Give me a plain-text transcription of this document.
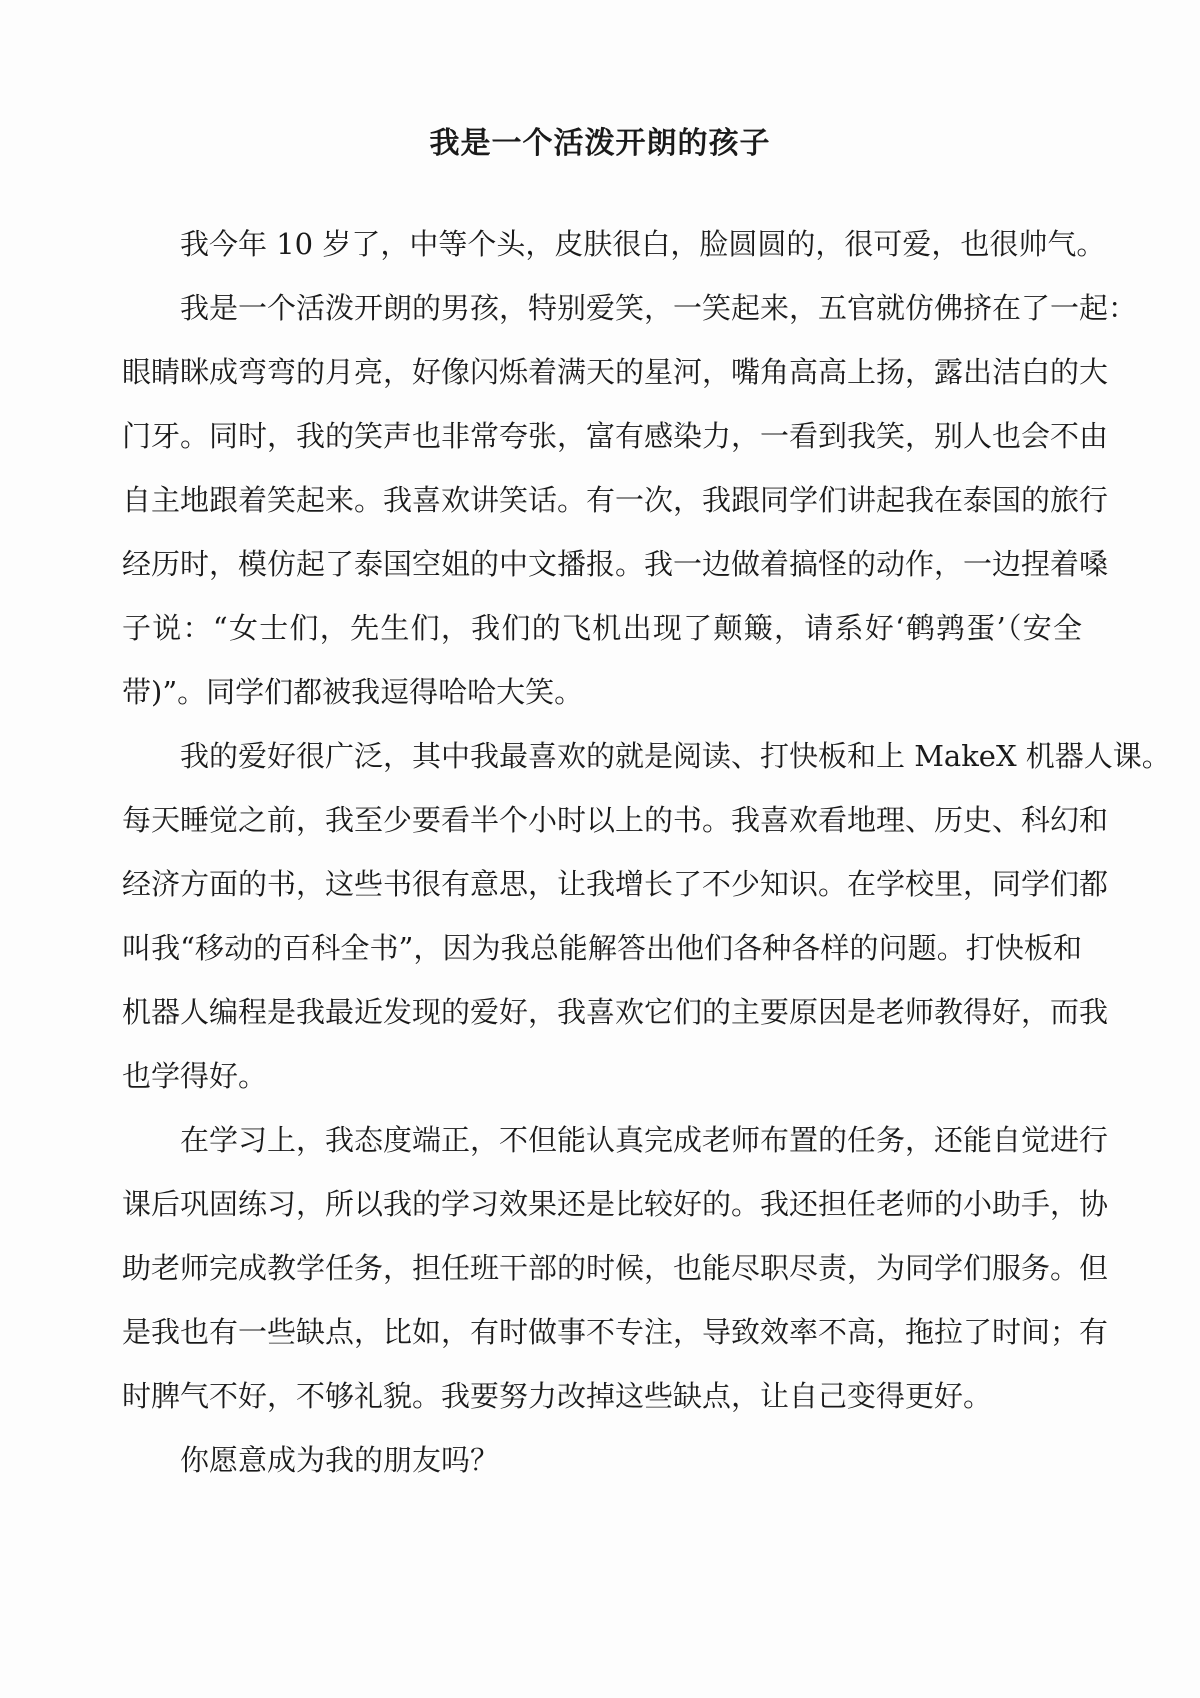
我是一个活泼开朗的孩子
我今年 10 岁了，中等个头，皮肤很白，脸圆圆的，很可爱，也很帅气。
我是一个活泼开朗的男孩，特别爱笑，一笑起来，五官就仿佛挤在了一起：
眼睛眯成弯弯的月亮，好像闪烁着满天的星河，嘴角高高上扬，露出洁白的大
门牙。同时，我的笑声也非常夸张，富有感染力，一看到我笑，别人也会不由
自主地跟着笑起来。我喜欢讲笑话。有一次，我跟同学们讲起我在泰国的旅行
经历时，模仿起了泰国空姐的中文播报。我一边做着搞怪的动作，一边捏着嗓
子说：“女士们，先生们，我们的飞机出现了颠簸，请系好‘鹌鹑蛋’（安全
带)”。同学们都被我逗得哈哈大笑。
我的爱好很广泛，其中我最喜欢的就是阅读、打快板和上 MakeX 机器人课。
每天睡觉之前，我至少要看半个小时以上的书。我喜欢看地理、历史、科幻和
经济方面的书，这些书很有意思，让我增长了不少知识。在学校里，同学们都
叫我“移动的百科全书”，因为我总能解答出他们各种各样的问题。打快板和
机器人编程是我最近发现的爱好，我喜欢它们的主要原因是老师教得好，而我
也学得好。
在学习上，我态度端正，不但能认真完成老师布置的任务，还能自觉进行
课后巩固练习，所以我的学习效果还是比较好的。我还担任老师的小助手，协
助老师完成教学任务，担任班干部的时候，也能尽职尽责，为同学们服务。但
是我也有一些缺点，比如，有时做事不专注，导致效率不高，拖拉了时间；有
时脾气不好，不够礼貌。我要努力改掉这些缺点，让自己变得更好。
你愿意成为我的朋友吗？
